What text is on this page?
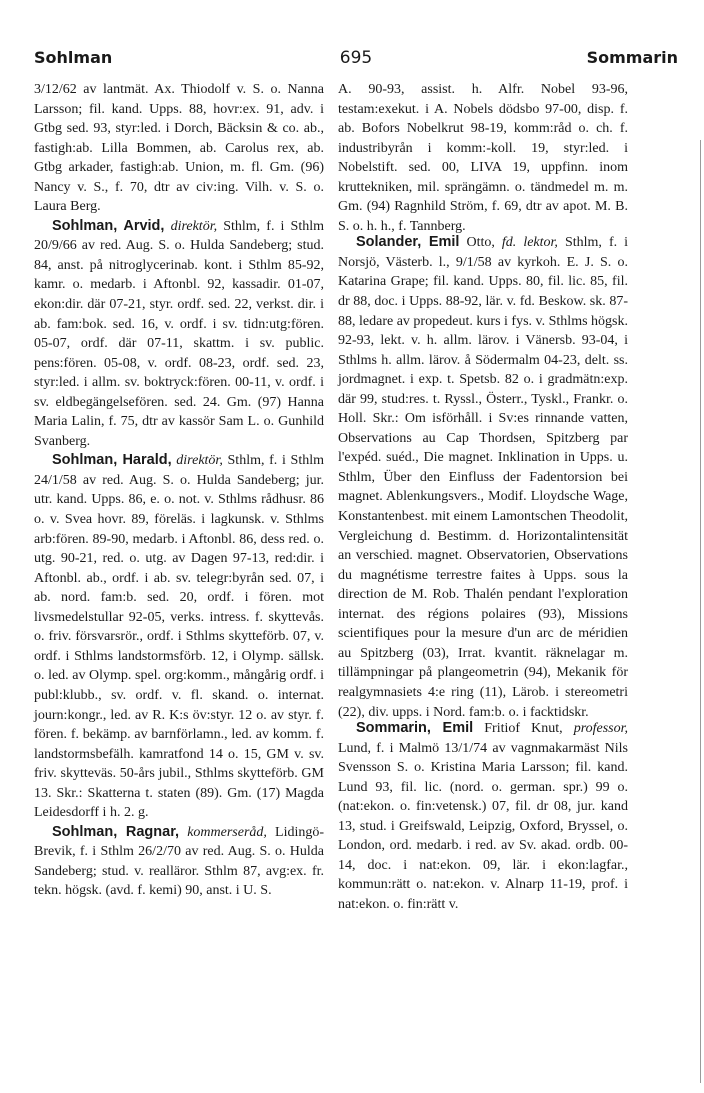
Sohlman	695	Sommarin
3/12/62 av lantmät. Ax. Thiodolf v. S. o. Nanna Larsson; fil. kand. Upps. 88, hovr:ex. 91, adv. i Gtbg sed. 93, styr:led. i Dorch, Bäcksin & co. ab., fastigh:ab. Lilla Bommen, ab. Carolus rex, ab. Gtbg arkader, fastigh:ab. Union, m. fl. Gm. (96) Nancy v. S., f. 70, dtr av civ:ing. Vilh. v. S. o. Laura Berg.
Sohlman, Arvid, direktör, Sthlm, f. i Sthlm 20/9/66 av red. Aug. S. o. Hulda Sandeberg; stud. 84, anst. på nitroglycerinab. kont. i Sthlm 85-92, kamr. o. medarb. i Aftonbl. 92, kassadir. 01-07, ekon:dir. där 07-21, styr. ordf. sed. 22, verkst. dir. i ab. fam:bok. sed. 16, v. ordf. i sv. tidn:utg:fören. 05-07, ordf. där 07-11, skattm. i sv. public. pens:fören. 05-08, v. ordf. 08-23, ordf. sed. 23, styr:led. i allm. sv. boktryck:fören. 00-11, v. ordf. i sv. eldbegängelsefören. sed. 24. Gm. (97) Hanna Maria Lalin, f. 75, dtr av kassör Sam L. o. Gunhild Svanberg.
Sohlman, Harald, direktör, Sthlm, f. i Sthlm 24/1/58 av red. Aug. S. o. Hulda Sandeberg; jur. utr. kand. Upps. 86, e. o. not. v. Sthlms rådhusr. 86 o. v. Svea hovr. 89, föreläs. i lagkunsk. v. Sthlms arb:fören. 89-90, medarb. i Aftonbl. 86, dess red. o. utg. 90-21, red. o. utg. av Dagen 97-13, red:dir. i Aftonbl. ab., ordf. i ab. sv. telegr:byrån sed. 07, i ab. nord. fam:b. sed. 20, ordf. i fören. mot livsmedelstullar 92-05, verks. intress. f. skyttevås. o. friv. försvarsrör., ordf. i Sthlms skytteförb. 07, v. ordf. i Sthlms landstormsförb. 12, i Olymp. sällsk. o. led. av Olymp. spel. org:komm., mångårig ordf. i publ:klubb., sv. ordf. v. fl. skand. o. internat. journ:kongr., led. av R. K:s öv:styr. 12 o. av styr. f. fören. f. bekämp. av barnförlamn., led. av komm. f. landstormsbefälh. kamratfond 14 o. 15, GM v. sv. friv. skytteväs. 50-års jubil., Sthlms skytteförb. GM 13. Skr.: Skatterna t. staten (89). Gm. (17) Magda Leidesdorff i h. 2. g.
Sohlman, Ragnar, kommerseråd, Lidingö-Brevik, f. i Sthlm 26/2/70 av red. Aug. S. o. Hulda Sandeberg; stud. v. realläror. Sthlm 87, avg:ex. fr. tekn. högsk. (avd. f. kemi) 90, anst. i U. S.
A. 90-93, assist. h. Alfr. Nobel 93-96, testam:exekut. i A. Nobels dödsbo 97-00, disp. f. ab. Bofors Nobelkrut 98-19, komm:råd o. ch. f. industribyrån i komm:-koll. 19, styr:led. i Nobelstift. sed. 00, LIVA 19, uppfinn. inom kruttekniken, mil. sprängämn. o. tändmedel m. m. Gm. (94) Ragnhild Ström, f. 69, dtr av apot. M. B. S. o. h. h., f. Tannberg.
Solander, Emil Otto, fd. lektor, Sthlm, f. i Norsjö, Västerb. l., 9/1/58 av kyrkoh. E. J. S. o. Katarina Grape; fil. kand. Upps. 80, fil. lic. 85, fil. dr 88, doc. i Upps. 88-92, lär. v. fd. Beskow. sk. 87-88, ledare av propedeut. kurs i fys. v. Sthlms högsk. 92-93, lekt. v. h. allm. lärov. i Vänersb. 93-04, i Sthlms h. allm. lärov. å Södermalm 04-23, delt. ss. jordmagnet. i exp. t. Spetsb. 82 o. i gradmätn:exp. där 99, stud:res. t. Ryssl., Österr., Tyskl., Frankr. o. Holl. Skr.: Om isförhåll. i Sv:es rinnande vatten, Observations au Cap Thordsen, Spitzberg par l'expéd. suéd., Die magnet. Inklination in Upps. u. Sthlm, Über den Einfluss der Fadentorsion bei magnet. Ablenkungsvers., Modif. Lloydsche Wage, Konstantenbest. mit einem Lamontschen Theodolit, Vergleichung d. Bestimm. d. Horizontalintensität an verschied. magnet. Observatorien, Observations du magnétisme terrestre faites à Upps. sous la direction de M. Rob. Thalén pendant l'exploration internat. des régions polaires (93), Missions scientifiques pour la mesure d'un arc de méridien au Spitzberg (03), Irrat. kvantit. räknelagar m. tillämpningar på plangeometrin (94), Mekanik för realgymnasiets 4:e ring (11), Lärob. i stereometri (22), div. upps. i Nord. fam:b. o. i facktidskr.
Sommarin, Emil Fritiof Knut, professor, Lund, f. i Malmö 13/1/74 av vagnmakarmäst Nils Svensson S. o. Kristina Maria Larsson; fil. kand. Lund 93, fil. lic. (nord. o. german. spr.) 99 o. (nat:ekon. o. fin:vetensk.) 07, fil. dr 08, jur. kand 13, stud. i Greifswald, Leipzig, Oxford, Bryssel, o. London, ord. medarb. i red. av Sv. akad. ordb. 00-14, doc. i nat:ekon. 09, lär. i ekon:lagfar., kommun:rätt o. nat:ekon. v. Alnarp 11-19, prof. i nat:ekon. o. fin:rätt v.
